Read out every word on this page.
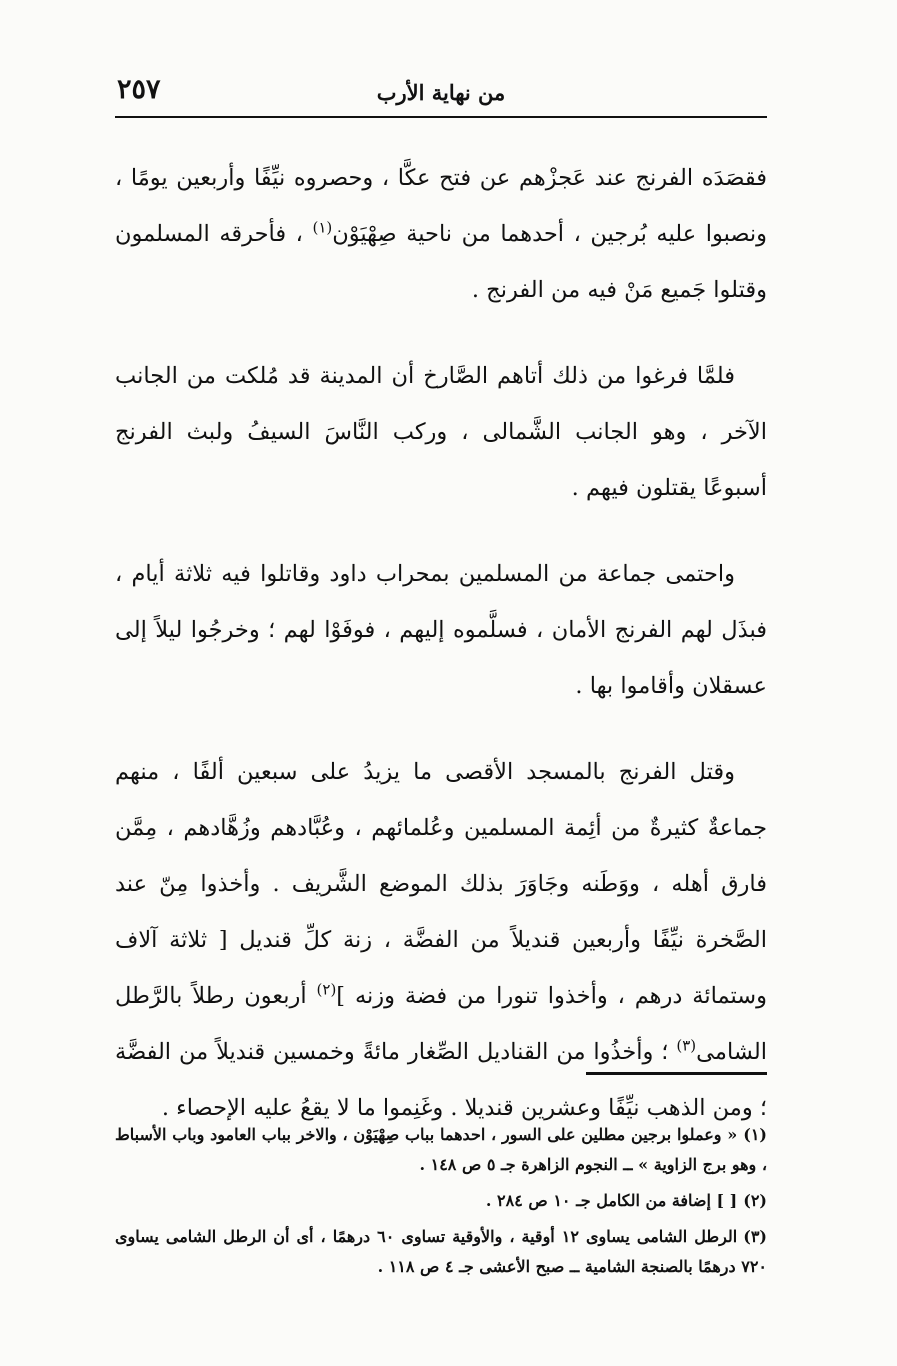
٢٥٧	من نهاية الأرب

فقصَدَه الفرنج عند عَجزْهم عن فتح عكَّا ، وحصروه نيِّفًا وأربعين يومًا ، ونصبوا عليه بُرجين ، أحدهما من ناحية صِهْيَوْن$^{(١)}$ ، فأحرقه المسلمون وقتلوا جَميع مَنْ فيه من الفرنج .

فلمَّا فرغوا من ذلك أتاهم الصَّارخ أن المدينة قد مُلكت من الجانب الآخر ، وهو الجانب الشَّمالى ، وركب النَّاسَ السيفُ ولبث الفرنج أسبوعًا يقتلون فيهم .

واحتمى جماعة من المسلمين بمحراب داود وقاتلوا فيه ثلاثة أيام ، فبذَل لهم الفرنج الأمان ، فسلَّموه إليهم ، فوفَوْا لهم ؛ وخرجُوا ليلاً إلى عسقلان وأقاموا بها .

وقتل الفرنج بالمسجد الأقصى ما يزيدُ على سبعين ألفًا ، منهم جماعةٌ كثيرةٌ من أئِمة المسلمين وعُلمائهم ، وعُبَّادهم وزُهَّادهم ، مِمَّن فارق أهله ، ووَطَنه وجَاوَرَ بذلك الموضع الشَّريف . وأخذوا مِنّ عند الصَّخرة نيِّفًا وأربعين قنديلاً من الفضَّة ، زنة كلِّ قنديل [ ثلاثة آلاف وستمائة درهم ، وأخذوا تنورا من فضة وزنه ]$^{(٢)}$ أربعون رطلاً بالرَّطل الشامى$^{(٣)}$ ؛ وأخذُوا من القناديل الصِّغار مائةً وخمسين قنديلاً من الفضَّة ؛ ومن الذهب نيِّفًا وعشرين قنديلا . وغَنِموا ما لا يقعُ عليه الإحصاء .

(١)« وعملوا برجين مطلين على السور ، احدهما بباب صِهْيَوْن ، والاخر بباب العامود وباب الأسباط ، وهو برج الزاوية » ــ النجوم الزاهرة جـ ٥ ص ١٤٨ .

(٢)[ ] إضافة من الكامل جـ ١٠ ص ٢٨٤ .

(٣)الرطل الشامى يساوى ١٢ أوقية ، والأوقية تساوى ٦٠ درهمًا ، أى أن الرطل الشامى يساوى ٧٢٠ درهمًا بالصنجة الشامية ــ صبح الأعشى جـ ٤ ص ١١٨ .
